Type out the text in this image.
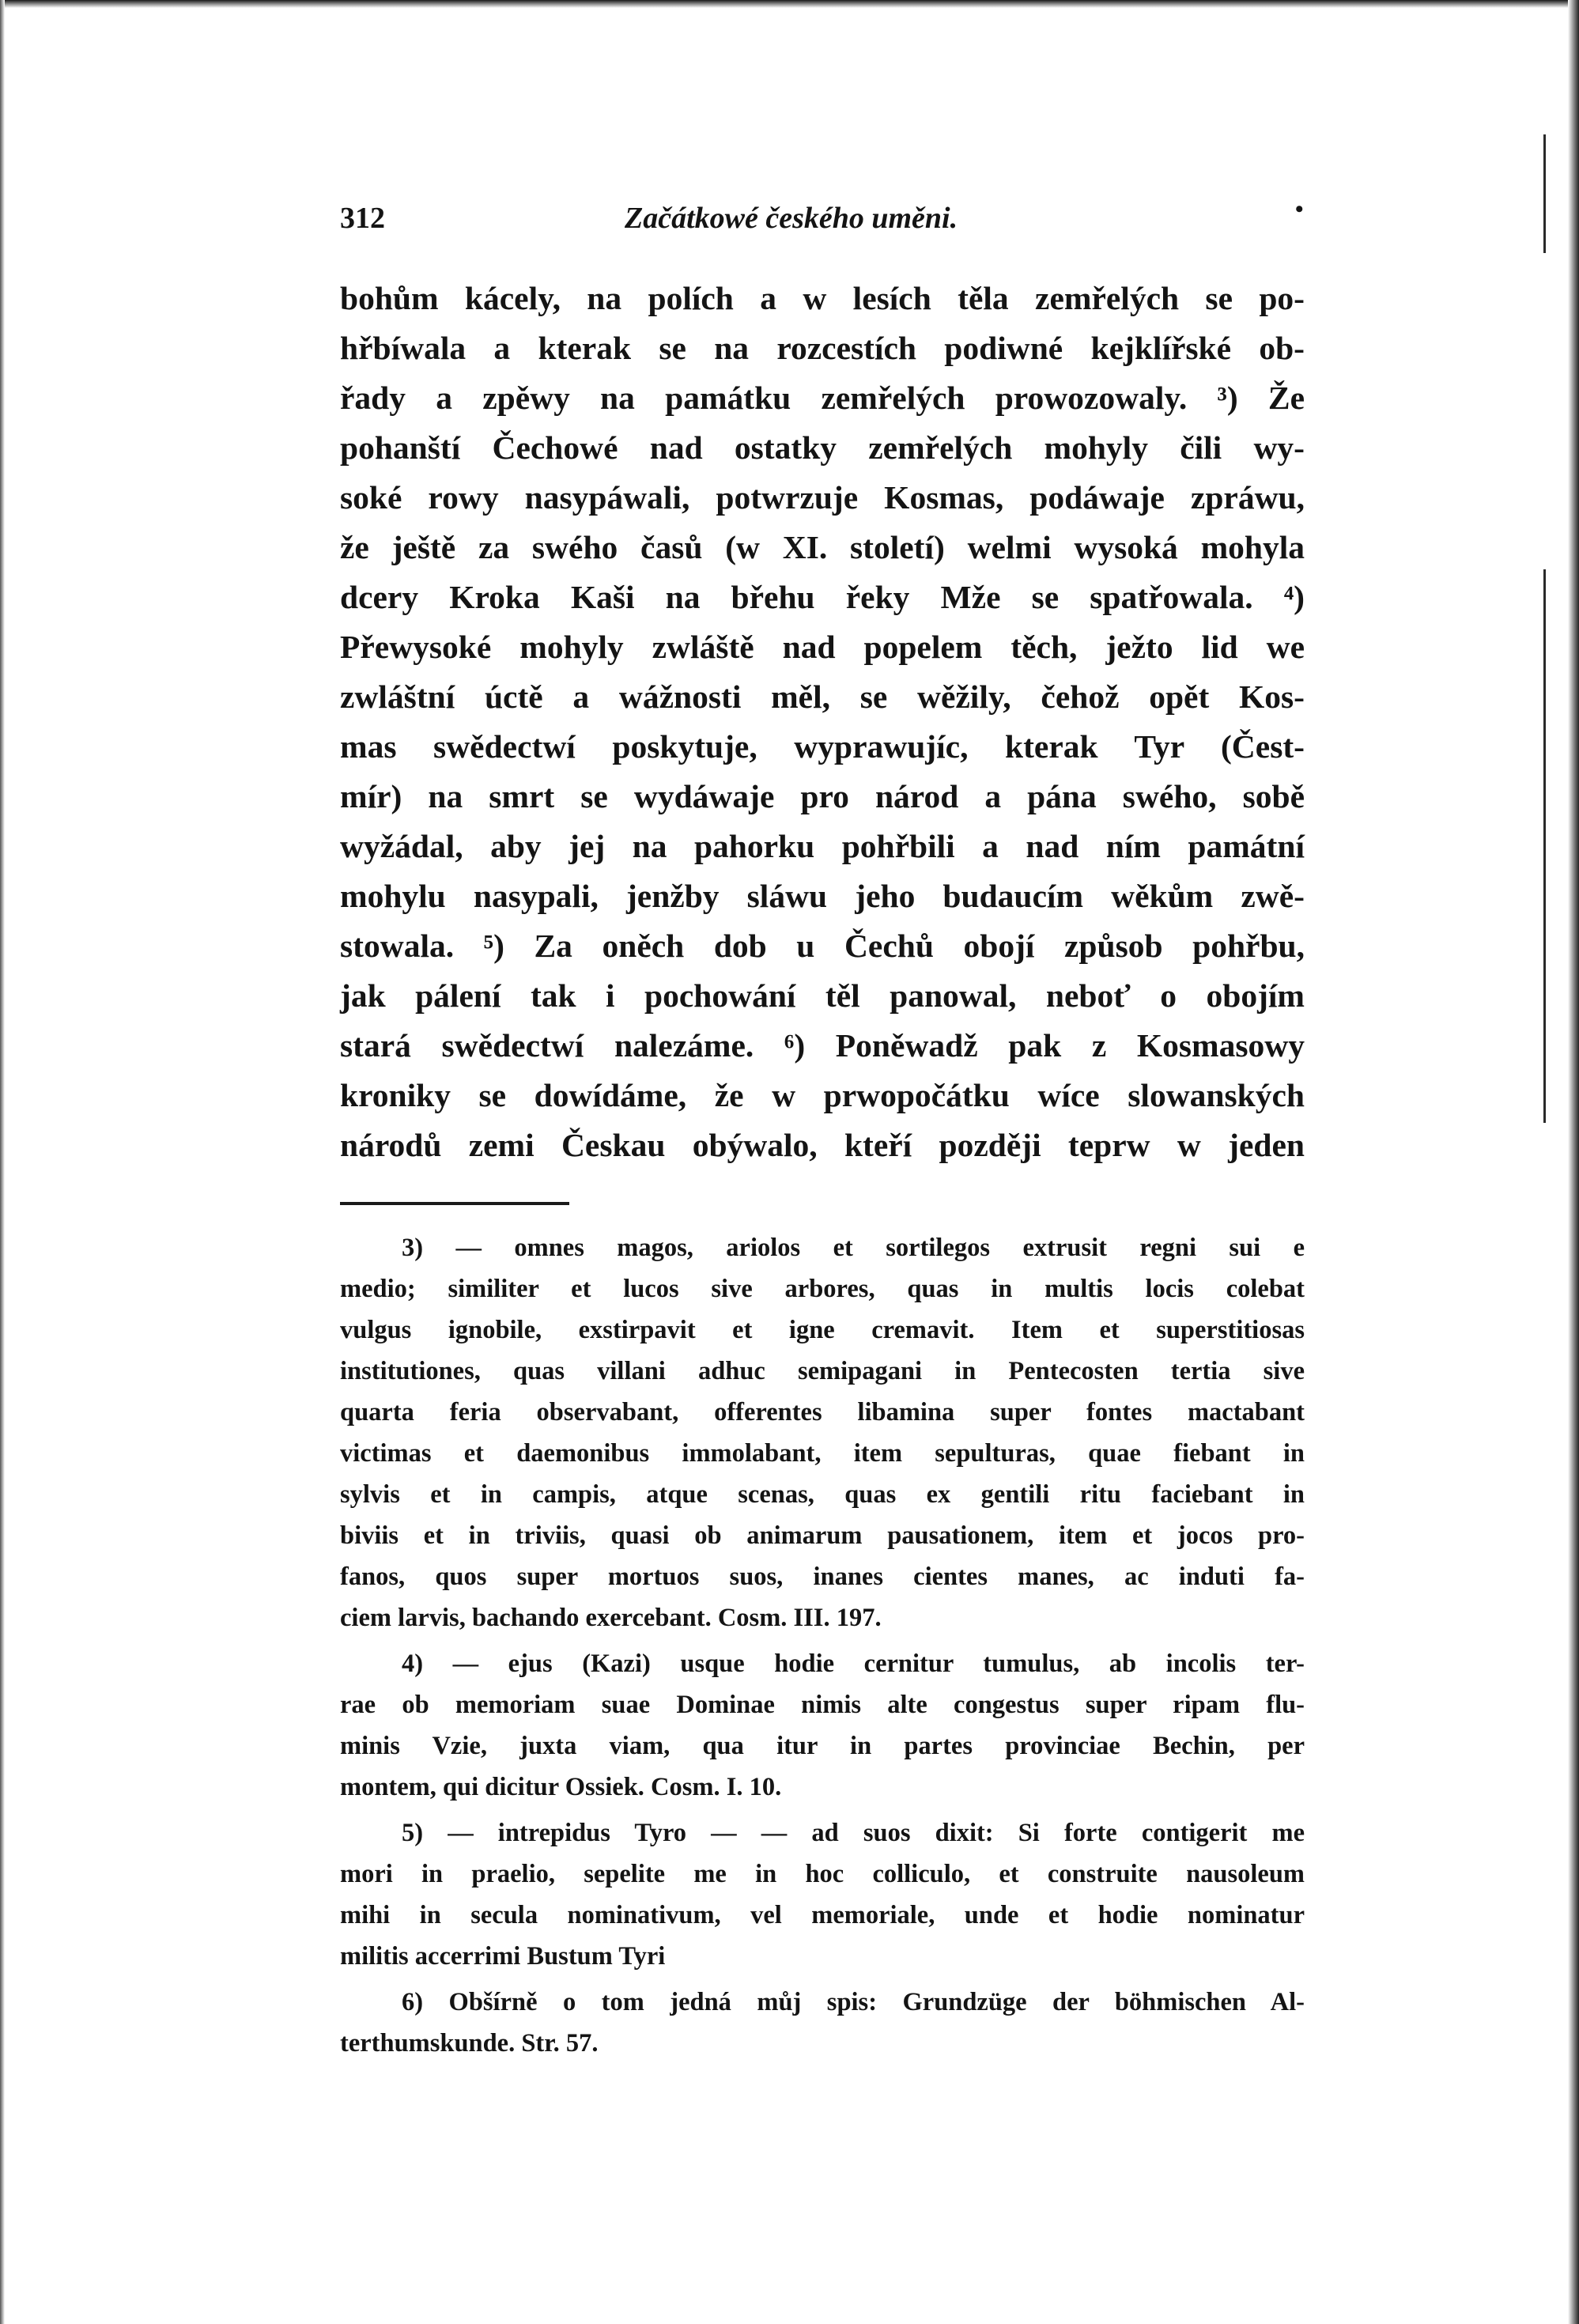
312	Začátkowé českého uměni.	•
bohům kácely, na polích a w lesích těla zemřelých se po-
hřbíwala a kterak se na rozcestích podiwné kejklířské ob-
řady a zpěwy na památku zemřelých prowozowaly. ³) Že
pohanští Čechowé nad ostatky zemřelých mohyly čili wy-
soké rowy nasypáwali, potwrzuje Kosmas, podáwaje zpráwu,
že ještě za swého časů (w XI. století) welmi wysoká mohyla
dcery Kroka Kaši na břehu řeky Mže se spatřowala. ⁴)
Přewysoké mohyly zwláště nad popelem těch, ježto lid we
zwláštní úctě a wážnosti měl, se wěžily, čehož opět Kos-
mas swědectwí poskytuje, wyprawujíc, kterak Tyr (Čest-
mír) na smrt se wydáwaje pro národ a pána swého, sobě
wyžádal, aby jej na pahorku pohřbili a nad ním památní
mohylu nasypali, jenžby sláwu jeho budaucím wěkům zwě-
stowala. ⁵) Za oněch dob u Čechů obojí způsob pohřbu,
jak pálení tak i pochowání těl panowal, neboť o obojím
stará swědectwí nalezáme. ⁶) Poněwadž pak z Kosmasowy
kroniky se dowídáme, že w prwopočátku wíce slowanských
národů zemi Českau obýwalo, kteří později teprw w jeden
3) — omnes magos, ariolos et sortilegos extrusit regni sui e
medio; similiter et lucos sive arbores, quas in multis locis colebat
vulgus ignobile, exstirpavit et igne cremavit. Item et superstitiosas
institutiones, quas villani adhuc semipagani in Pentecosten tertia sive
quarta feria observabant, offerentes libamina super fontes mactabant
victimas et daemonibus immolabant, item sepulturas, quae fiebant in
sylvis et in campis, atque scenas, quas ex gentili ritu faciebant in
biviis et in triviis, quasi ob animarum pausationem, item et jocos pro-
fanos, quos super mortuos suos, inanes cientes manes, ac induti fa-
ciem larvis, bachando exercebant. Cosm. III. 197.
4) — ejus (Kazi) usque hodie cernitur tumulus, ab incolis ter-
rae ob memoriam suae Dominae nimis alte congestus super ripam flu-
minis Vzie, juxta viam, qua itur in partes provinciae Bechin, per
montem, qui dicitur Ossiek. Cosm. I. 10.
5) — intrepidus Tyro — — ad suos dixit: Si forte contigerit me
mori in praelio, sepelite me in hoc colliculo, et construite nausoleum
mihi in secula nominativum, vel memoriale, unde et hodie nominatur
militis accerrimi Bustum Tyri
6) Obšírně o tom jedná můj spis: Grundzüge der böhmischen Al-
terthumskunde. Str. 57.
